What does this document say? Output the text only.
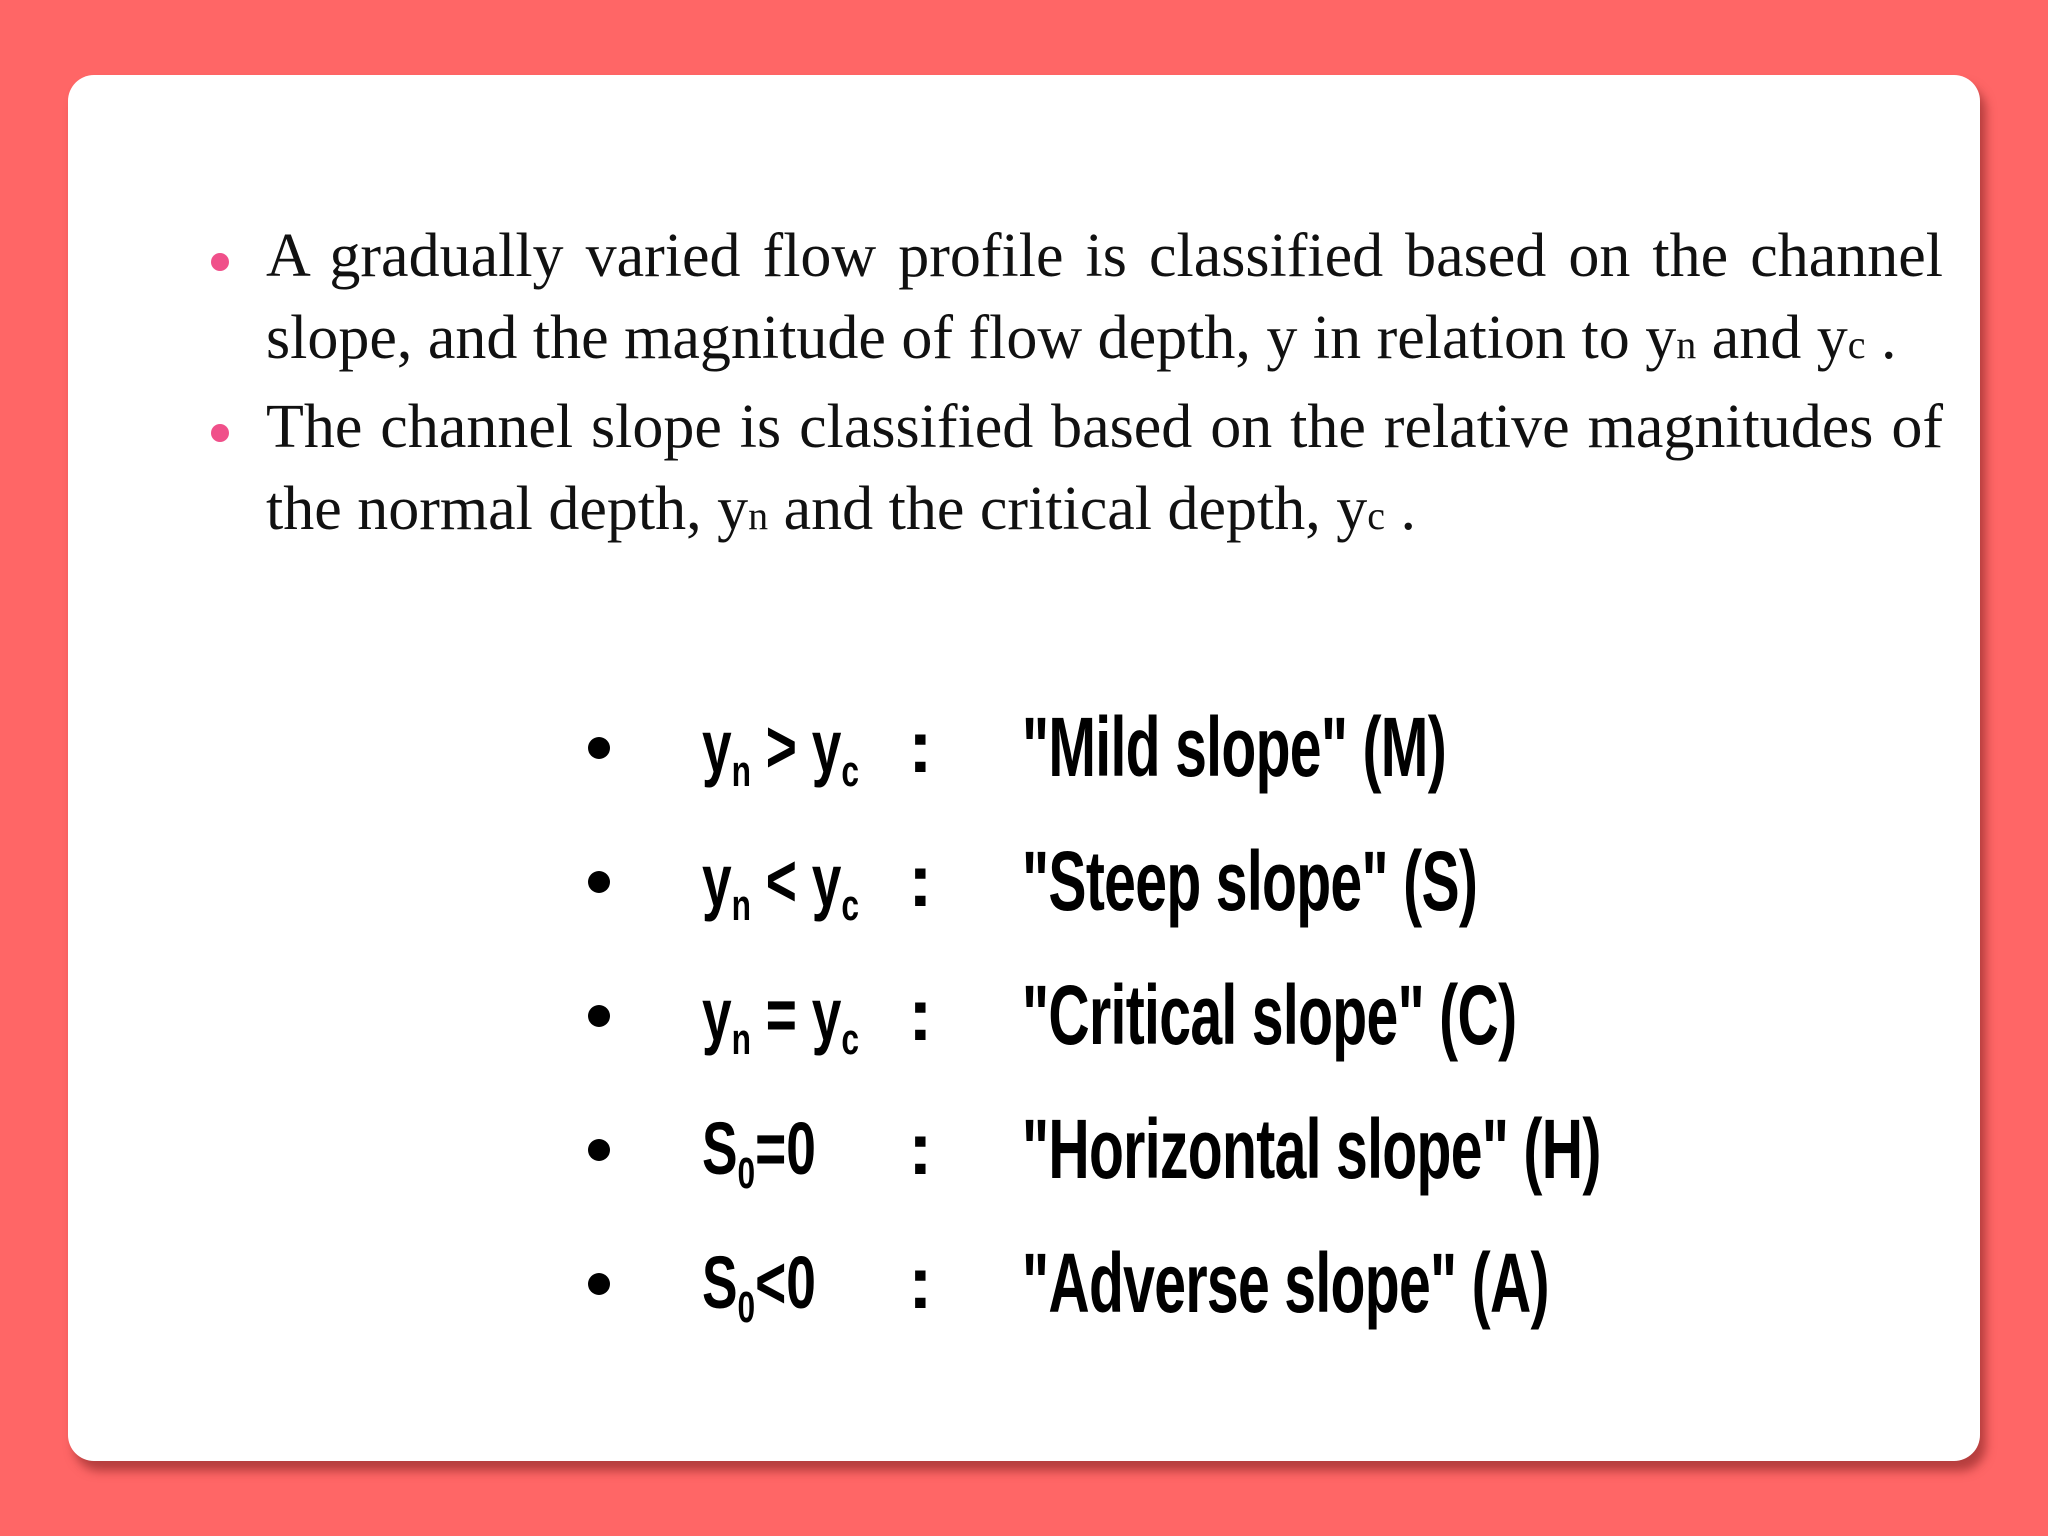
A gradually varied flow profile is classified based on the channel slope, and the magnitude of flow depth, y in relation to yn and yc .
The channel slope is classified based on the relative magnitudes of the normal depth, yn and the critical depth, yc .
$y_n > y_c$ : "Mild slope" (M)
$y_n < y_c$ : "Steep slope" (S)
$y_n = y_c$ : "Critical slope" (C)
$S_0=0$ : "Horizontal slope" (H)
$S_0<0$ : "Adverse slope" (A)
